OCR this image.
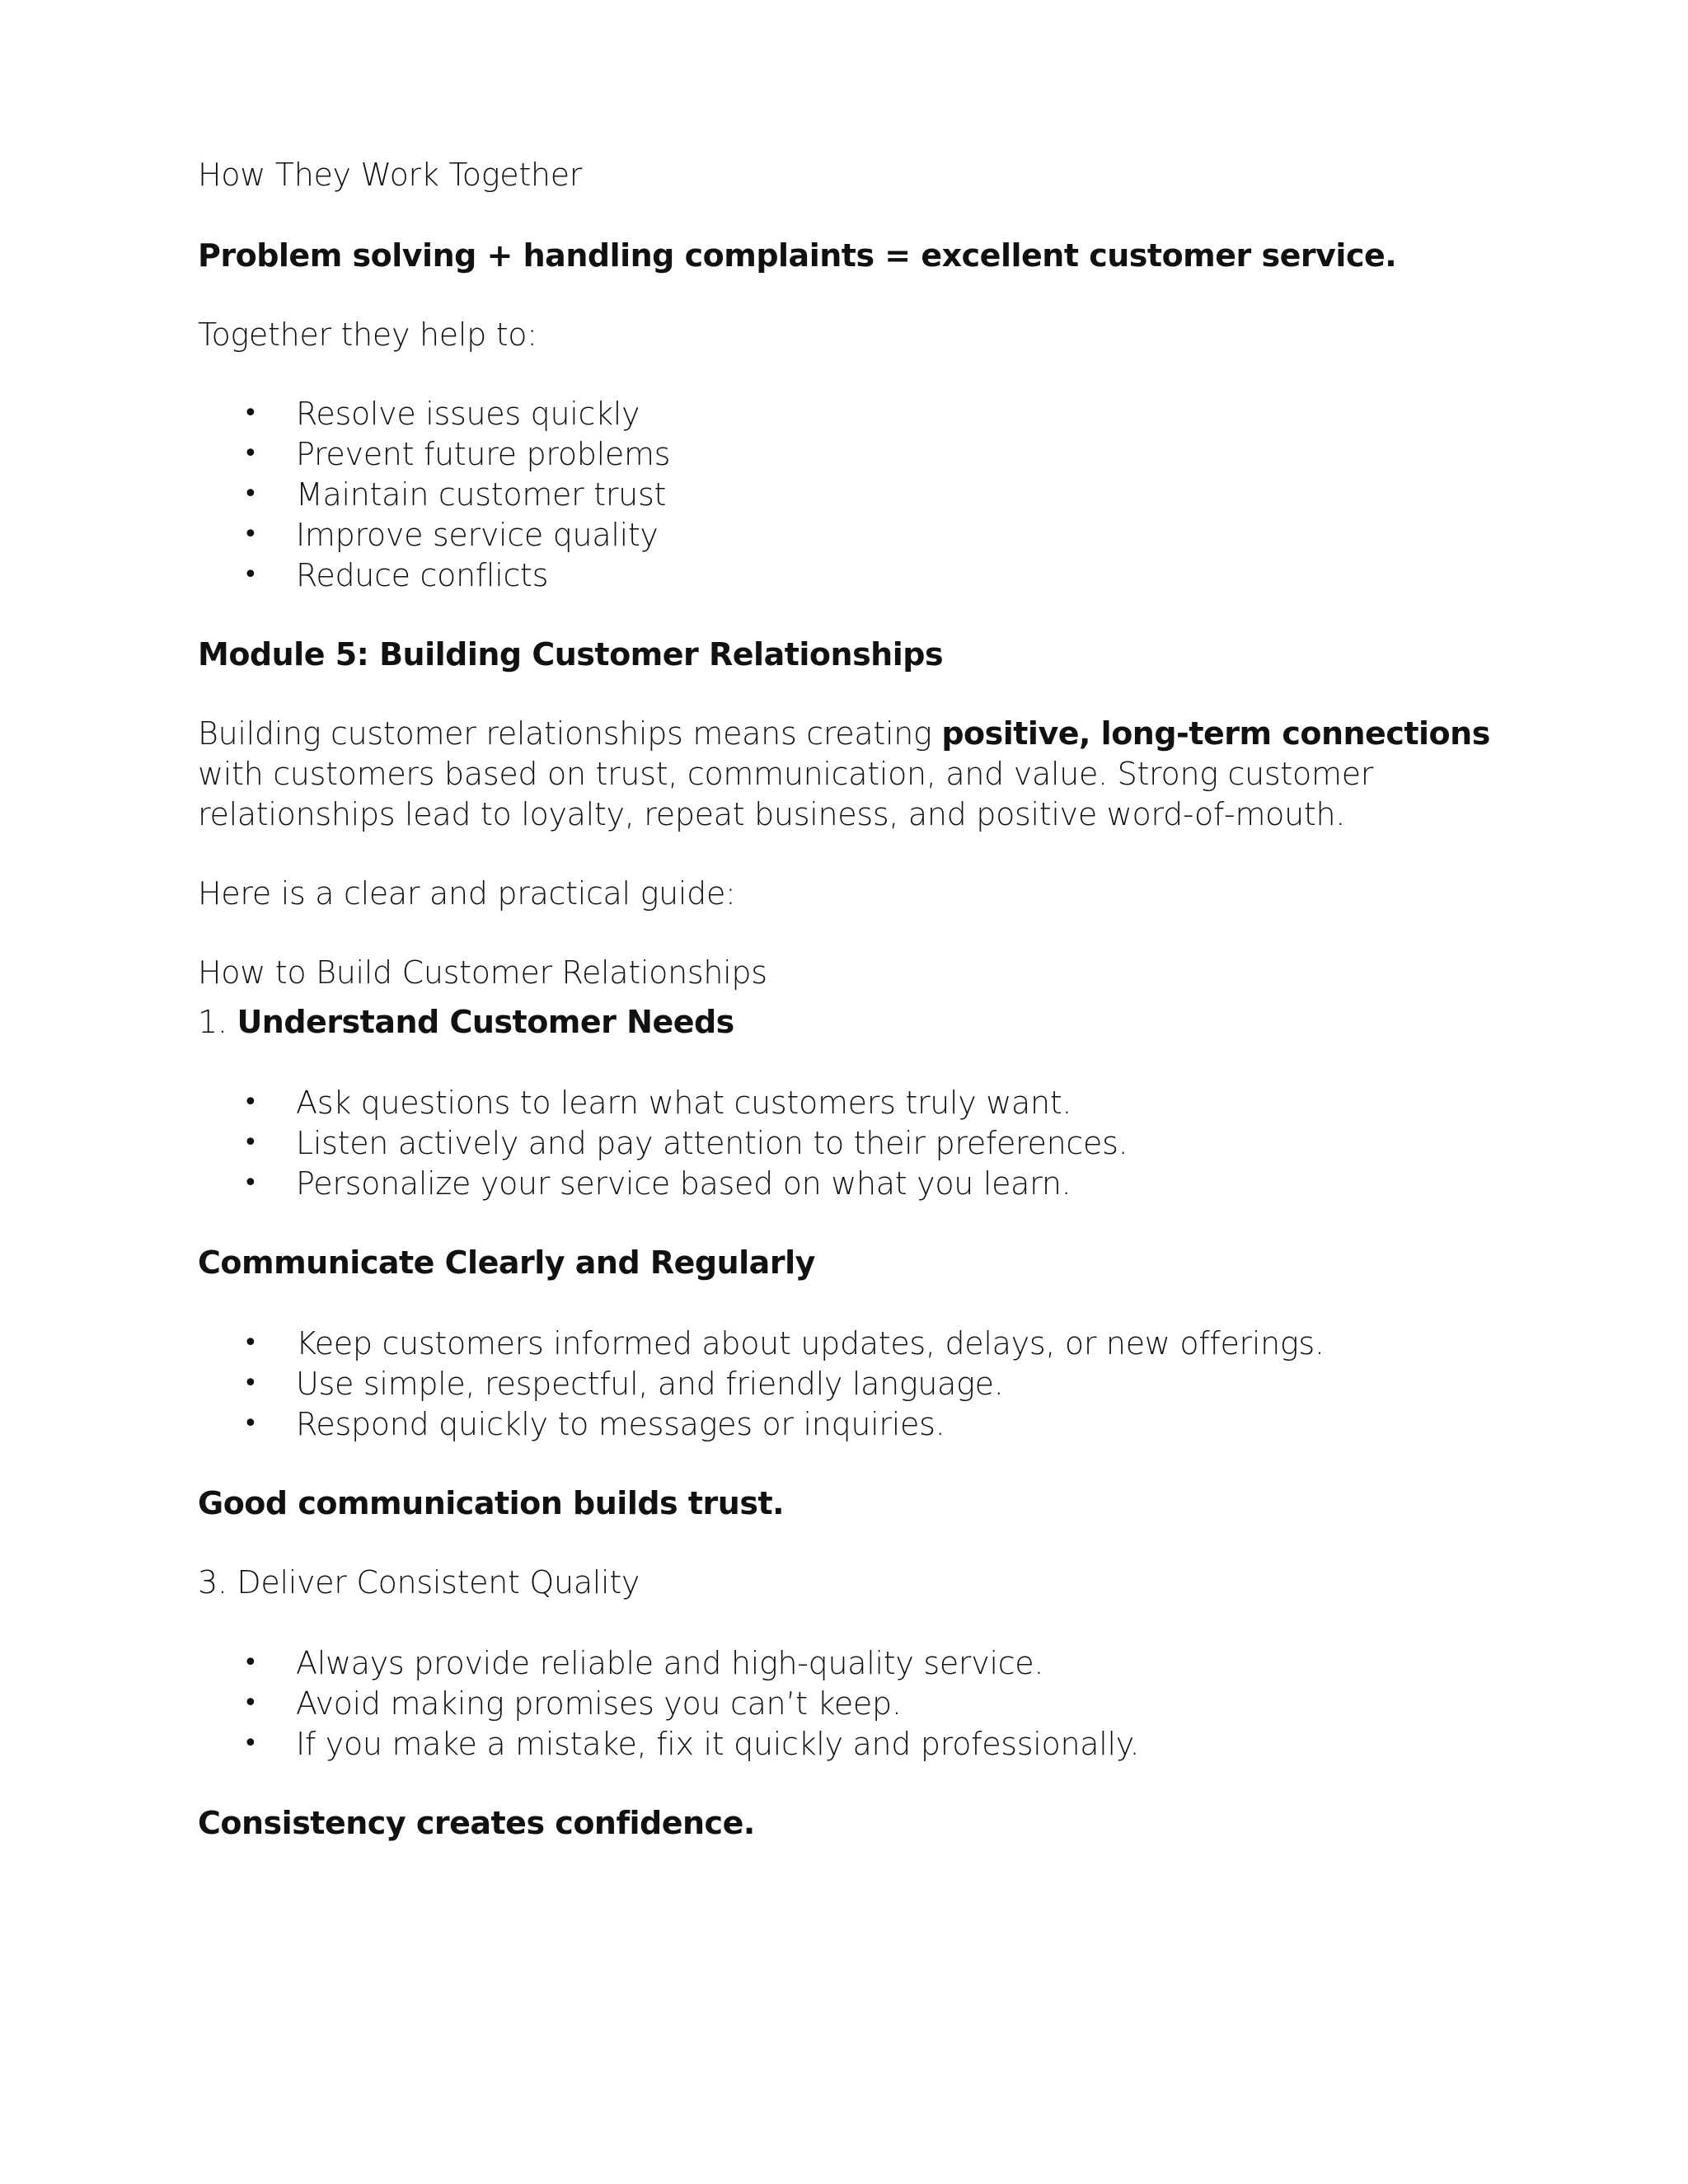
How They Work Together
Problem solving + handling complaints = excellent customer service.
Together they help to:
• Resolve issues quickly
• Prevent future problems
• Maintain customer trust
• Improve service quality
• Reduce conflicts
Module 5: Building Customer Relationships
Building customer relationships means creating positive, long-term connections
with customers based on trust, communication, and value. Strong customer
relationships lead to loyalty, repeat business, and positive word-of-mouth.
Here is a clear and practical guide:
How to Build Customer Relationships
1. Understand Customer Needs
• Ask questions to learn what customers truly want.
• Listen actively and pay attention to their preferences.
• Personalize your service based on what you learn.
Communicate Clearly and Regularly
• Keep customers informed about updates, delays, or new offerings.
• Use simple, respectful, and friendly language.
• Respond quickly to messages or inquiries.
Good communication builds trust.
3. Deliver Consistent Quality
• Always provide reliable and high-quality service.
• Avoid making promises you can’t keep.
• If you make a mistake, fix it quickly and professionally.
Consistency creates confidence.
